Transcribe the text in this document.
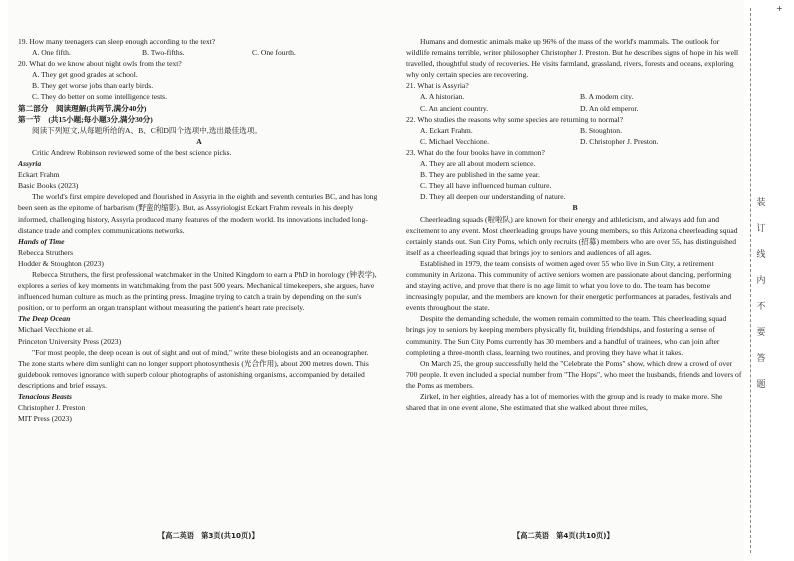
19. How many teenagers can sleep enough according to the text?

A. One fifth.	B. Two-fifths.	C. One fourth.

20. What do we know about night owls from the text?

A. They get good grades at school.

B. They get worse jobs than early birds.

C. They do better on some intelligence tests.

第二部分　阅读理解(共两节,满分40分)

第一节　(共15小题;每小题3分,满分30分)

阅读下列短文,从每题所给的A、B、C和D四个选项中,选出最佳选项。

A

Critic Andrew Robinson reviewed some of the best science picks.

Assyria

Eckart Frahm

Basic Books (2023)

The world's first empire developed and flourished in Assyria in the eighth and seventh centuries BC, and has long been seen as the epitome of barbarism (野蛮的缩影). But, as Assyriologist Eckart Frahm reveals in his deeply informed, challenging history, Assyria produced many features of the modern world. Its innovations included long-distance trade and complex communications networks.

Hands of Time

Rebecca Struthers

Hodder & Stoughton (2023)

Rebecca Struthers, the first professional watchmaker in the United Kingdom to earn a PhD in horology (钟表学), explores a series of key moments in watchmaking from the past 500 years. Mechanical timekeepers, she argues, have influenced human culture as much as the printing press. Imagine trying to catch a train by depending on the sun's position, or to perform an organ transplant without measuring the patient's heart rate precisely.

The Deep Ocean

Michael Vecchione et al.

Princeton University Press (2023)

"For most people, the deep ocean is out of sight and out of mind," write these biologists and an oceanographer. The zone starts where dim sunlight can no longer support photosynthesis (光合作用), about 200 metres down. This guidebook removes ignorance with superb colour photographs of astonishing organisms, accompanied by detailed descriptions and brief essays.

Tenacious Beasts

Christopher J. Preston

MIT Press (2023)

Humans and domestic animals make up 96% of the mass of the world's mammals. The outlook for wildlife remains terrible, writer philosopher Christopher J. Preston. But he describes signs of hope in his well travelled, thoughtful study of recoveries. He visits farmland, grassland, rivers, forests and oceans, exploring why only certain species are recovering.

21. What is Assyria?

A. A historian.	B. A modern city.
C. An ancient country.	D. An old emperor.

22. Who studies the reasons why some species are returning to normal?

A. Eckart Frahm.	B. Stoughton.
C. Michael Vecchione.	D. Christopher J. Preston.

23. What do the four books have in common?

A. They are all about modern science.

B. They are published in the same year.

C. They all have influenced human culture.

D. They all deepen our understanding of nature.

B

Cheerleading squads (啦啦队) are known for their energy and athleticism, and always add fun and excitement to any event. Most cheerleading groups have young members, so this Arizona cheerleading squad certainly stands out. Sun City Poms, which only recruits (招募) members who are over 55, has distinguished itself as a cheerleading squad that brings joy to seniors and audiences of all ages.

Established in 1979, the team consists of women aged over 55 who live in Sun City, a retirement community in Arizona. This community of active seniors women are passionate about dancing, performing and staying active, and prove that there is no age limit to what you love to do. The team has become increasingly popular, and the members are known for their energetic performances at parades, festivals and events throughout the state.

Despite the demanding schedule, the women remain committed to the team. This cheerleading squad brings joy to seniors by keeping members physically fit, building friendships, and fostering a sense of community. The Sun City Poms currently has 30 members and a handful of trainees, who can join after completing a three-month class, learning two routines, and proving they have what it takes.

On March 25, the group successfully held the "Celebrate the Poms" show, which drew a crowd of over 700 people. It even included a special number from "The Hops", who meet the husbands, friends and lovers of the Poms as members.

Zirkel, in her eighties, already has a lot of memories with the group and is ready to make more. She shared that in one event alone, She estimated that she walked about three miles,

【高二英语　第3页(共10页)】	【高二英语　第4页(共10页)】
+
装
订
线
内
不
要
答
题
